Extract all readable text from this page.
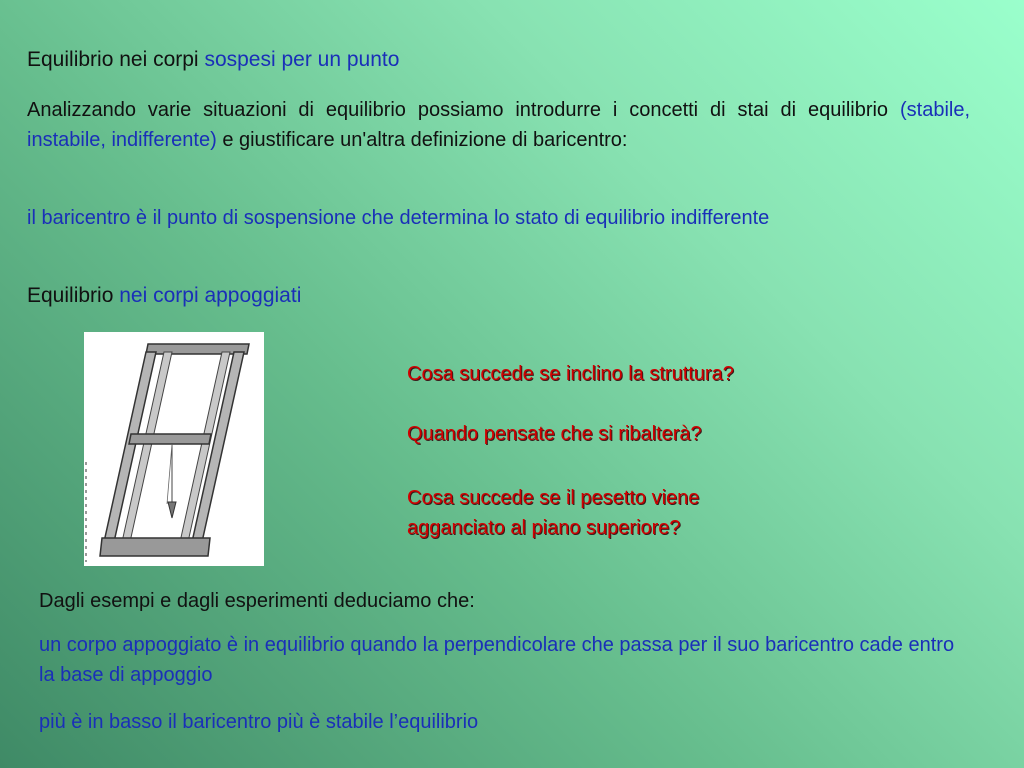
Equilibrio nei corpi sospesi per un punto
Analizzando varie situazioni di equilibrio possiamo introdurre i concetti di stai di equilibrio (stabile, instabile, indifferente) e giustificare un'altra definizione di baricentro:
il baricentro è il punto di sospensione che determina lo stato di equilibrio indifferente
Equilibrio nei corpi appoggiati
Cosa succede se inclino la struttura?
Quando pensate che si ribalterà?
Cosa succede se il pesetto viene agganciato al piano superiore?
Dagli esempi e dagli esperimenti deduciamo che:
un corpo appoggiato è in equilibrio quando la perpendicolare che passa per il suo baricentro cade entro la base di appoggio
più è in basso il baricentro più è stabile l’equilibrio
